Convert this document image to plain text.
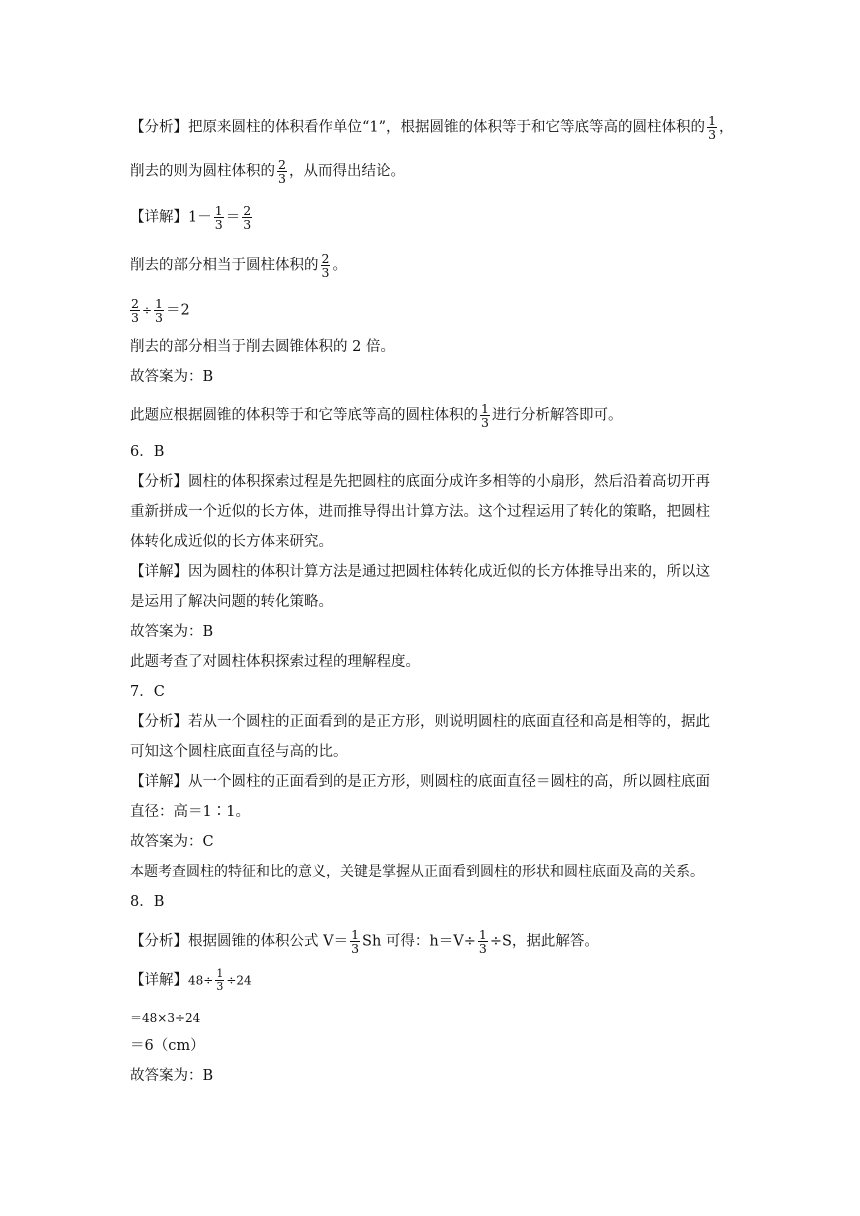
【分析】把原来圆柱的体积看作单位“1”，根据圆锥的体积等于和它等底等高的圆柱体积的 $\frac{1}{3}$ ，
削去的则为圆柱体积的 $\frac{2}{3}$ ，从而得出结论。
【详解】$1- \frac{1}{3} = \frac{2}{3}$
削去的部分相当于圆柱体积的 $\frac{2}{3}$ 。
$\frac{2}{3} \div \frac{1}{3} =2$
削去的部分相当于削去圆锥体积的 2 倍。
故答案为：B
此题应根据圆锥的体积等于和它等底等高的圆柱体积的 $\frac{1}{3}$ 进行分析解答即可。
6．B
【分析】圆柱的体积探索过程是先把圆柱的底面分成许多相等的小扇形，然后沿着高切开再
重新拼成一个近似的长方体，进而推导得出计算方法。这个过程运用了转化的策略，把圆柱
体转化成近似的长方体来研究。
【详解】因为圆柱的体积计算方法是通过把圆柱体转化成近似的长方体推导出来的，所以这
是运用了解决问题的转化策略。
故答案为：B
此题考查了对圆柱体积探索过程的理解程度。
7．C
【分析】若从一个圆柱的正面看到的是正方形，则说明圆柱的底面直径和高是相等的，据此
可知这个圆柱底面直径与高的比。
【详解】从一个圆柱的正面看到的是正方形，则圆柱的底面直径＝圆柱的高，所以圆柱底面
直径：高＝1∶1。
故答案为：C
本题考查圆柱的特征和比的意义，关键是掌握从正面看到圆柱的形状和圆柱底面及高的关系。
8．B
【分析】根据圆锥的体积公式 $V= \frac{1}{3}$ Sh 可得：$h=V\div \frac{1}{3} \div S$，据此解答。
【详解】$48\div \frac{1}{3} \div 24$
＝48×3÷24
＝6（cm）
故答案为：B
